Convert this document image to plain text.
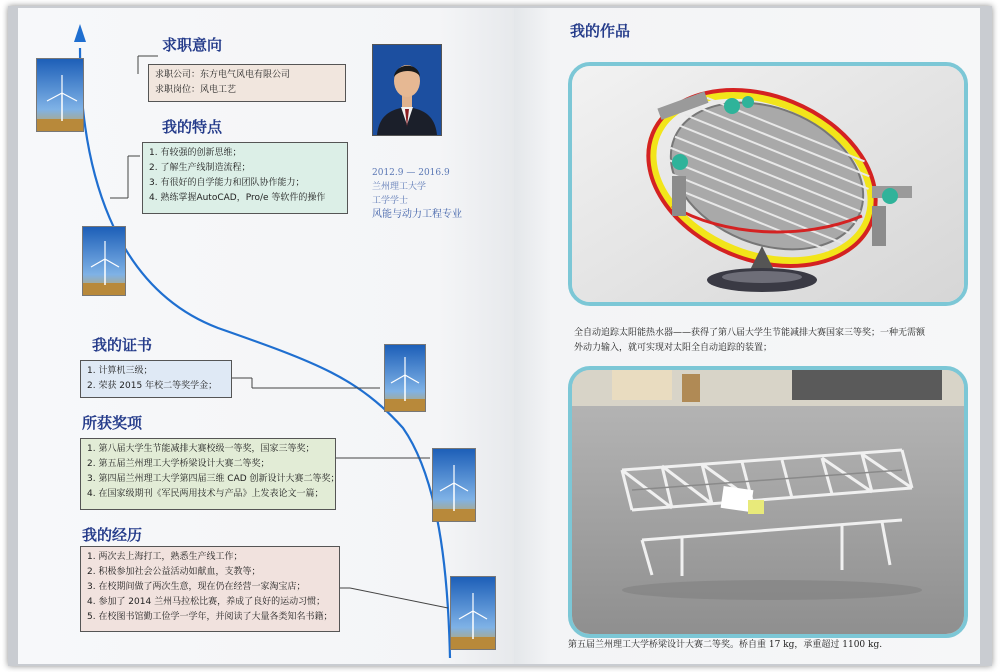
求职意向
求职公司：东方电气风电有限公司
求职岗位：风电工艺
我的特点
1. 有较强的创新思维；
2. 了解生产线制造流程；
3. 有很好的自学能力和团队协作能力；
4. 熟练掌握AutoCAD，Pro/e 等软件的操作
2012.9 — 2016.9
兰州理工大学
工学学士
风能与动力工程专业
我的证书
1. 计算机三级；
2. 荣获 2015 年校二等奖学金；
所获奖项
1. 第八届大学生节能减排大赛校级一等奖，国家三等奖；
2. 第五届兰州理工大学桥梁设计大赛二等奖；
3. 第四届兰州理工大学第四届三维 CAD 创新设计大赛二等奖；
4. 在国家级期刊《军民两用技术与产品》上发表论文一篇；
我的经历
1. 两次去上海打工，熟悉生产线工作；
2. 积极参加社会公益活动如献血，支教等；
3. 在校期间做了两次生意，现在仍在经营一家淘宝店；
4. 参加了 2014 兰州马拉松比赛，养成了良好的运动习惯；
5. 在校图书馆勤工俭学一学年，并阅读了大量各类知名书籍；
我的作品
全自动追踪太阳能热水器——获得了第八届大学生节能减排大赛国家三等奖；一种无需额
外动力输入，就可实现对太阳全自动追踪的装置；
第五届兰州理工大学桥梁设计大赛二等奖。桥自重 17 kg，承重超过 1100 kg.
